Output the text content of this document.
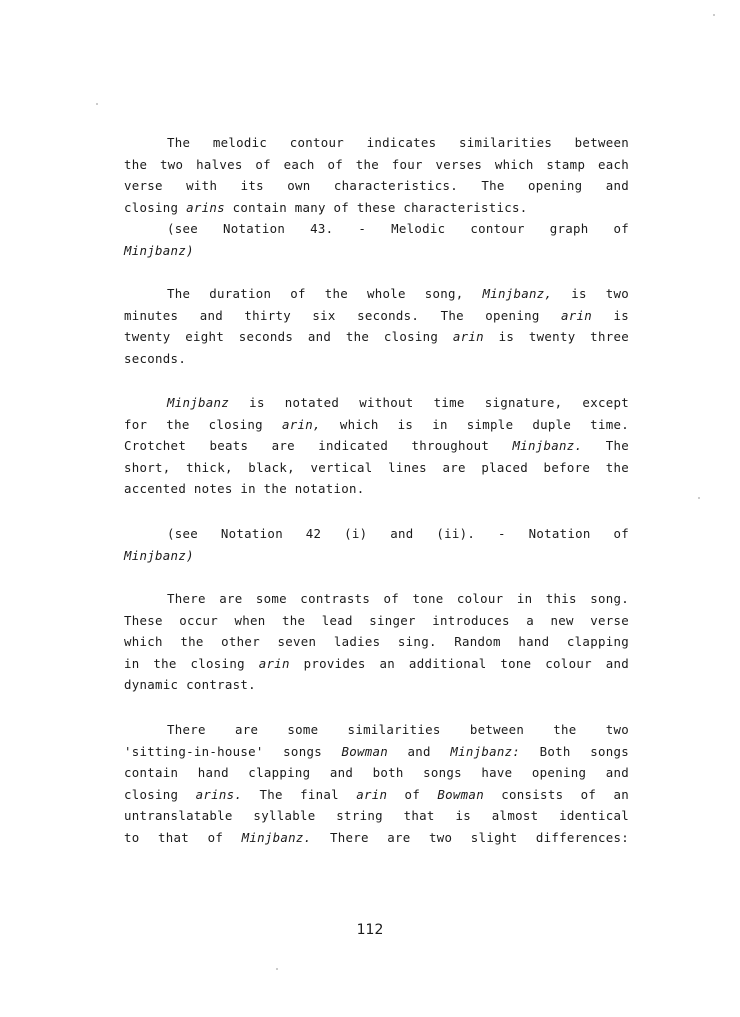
The melodic contour indicates similarities between
the two halves of each of the four verses which stamp each
verse with its own characteristics. The opening and
closing arins contain many of these characteristics.
(see Notation 43. - Melodic contour graph of
Minjbanz)
The duration of the whole song, Minjbanz, is two
minutes and thirty six seconds. The opening arin is
twenty eight seconds and the closing arin is twenty three
seconds.
Minjbanz is notated without time signature, except
for the closing arin, which is in simple duple time.
Crotchet beats are indicated throughout Minjbanz. The
short, thick, black, vertical lines are placed before the
accented notes in the notation.
(see Notation 42 (i) and (ii). - Notation of
Minjbanz)
There are some contrasts of tone colour in this song.
These occur when the lead singer introduces a new verse
which the other seven ladies sing. Random hand clapping
in the closing arin provides an additional tone colour and
dynamic contrast.
There are some similarities between the two
'sitting-in-house' songs Bowman and Minjbanz: Both songs
contain hand clapping and both songs have opening and
closing arins. The final arin of Bowman consists of an
untranslatable syllable string that is almost identical
to that of Minjbanz. There are two slight differences:
112
